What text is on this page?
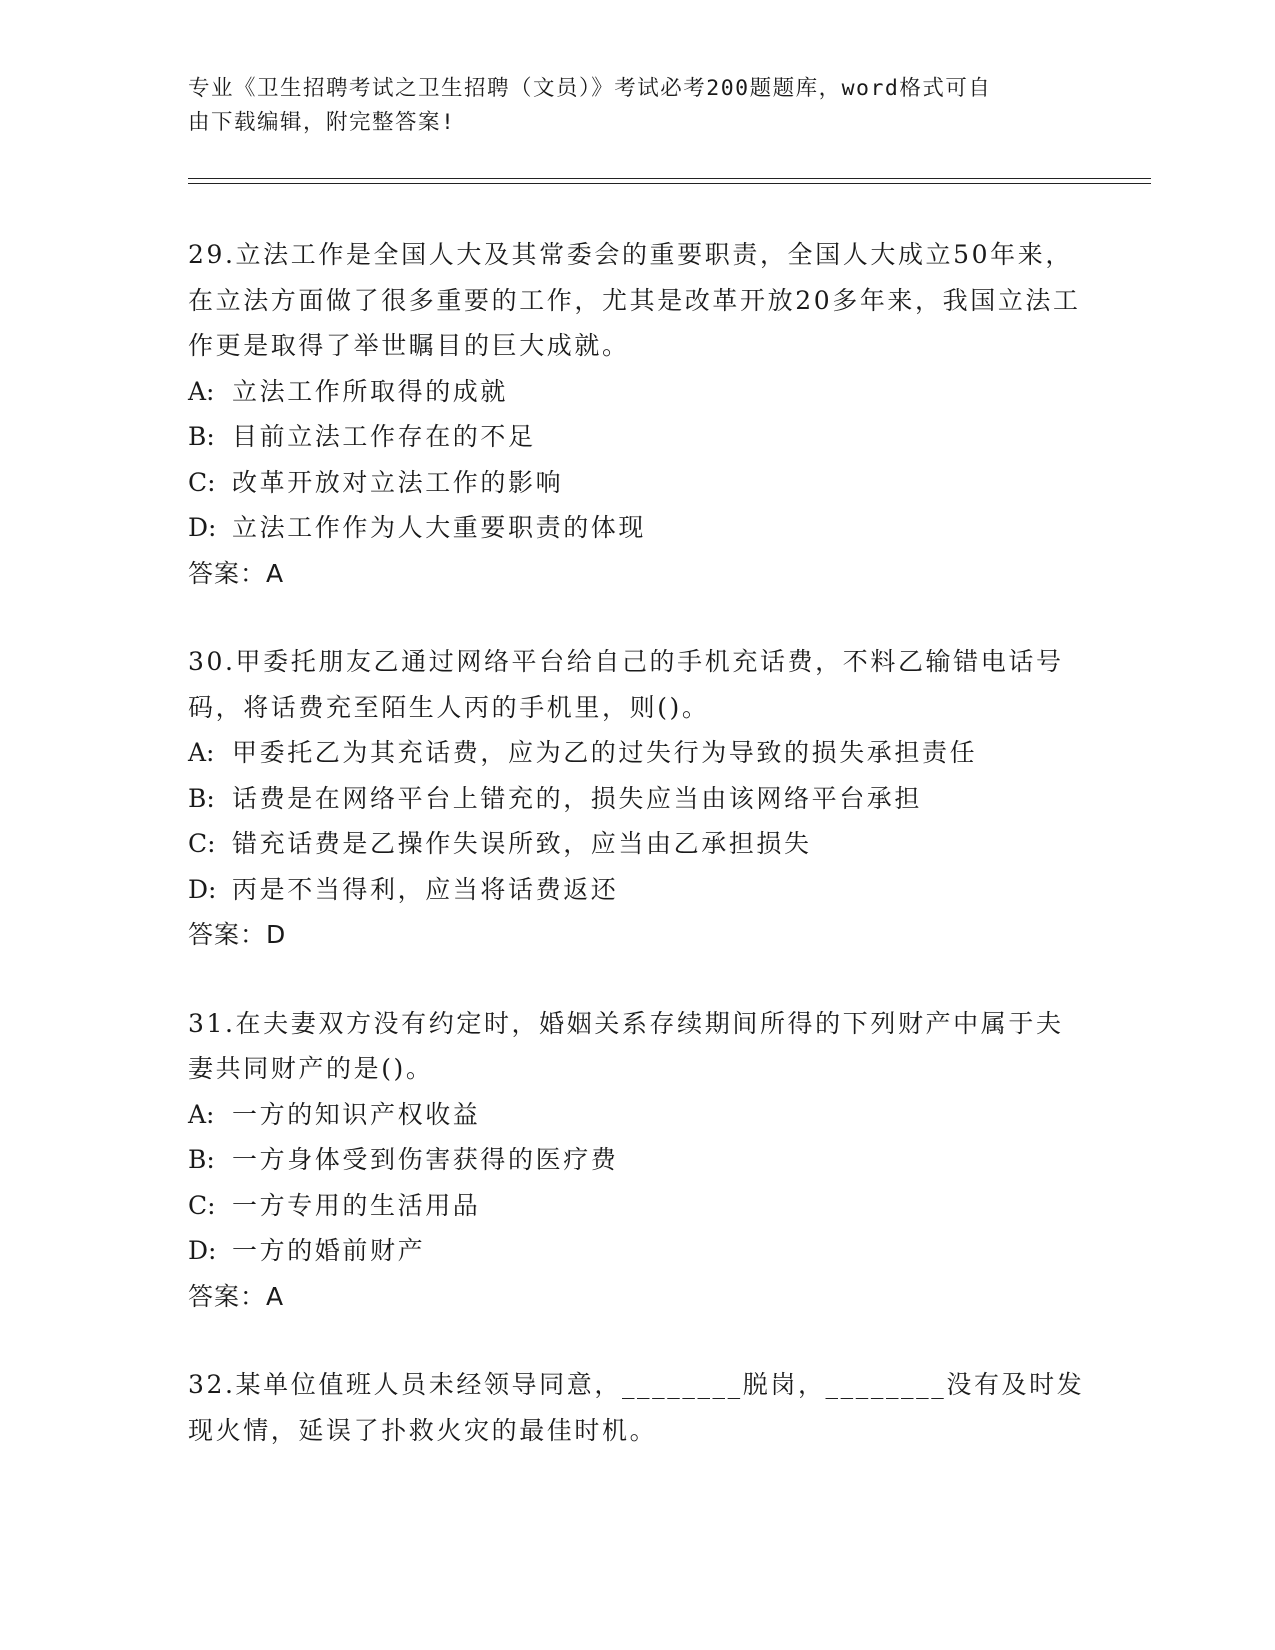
专业《卫生招聘考试之卫生招聘（文员）》考试必考200题题库，word格式可自
由下载编辑，附完整答案!

29.立法工作是全国人大及其常委会的重要职责，全国人大成立50年来，在立法方面做了很多重要的工作，尤其是改革开放20多年来，我国立法工作更是取得了举世瞩目的巨大成就。

A: 立法工作所取得的成就

B: 目前立法工作存在的不足

C: 改革开放对立法工作的影响

D: 立法工作作为人大重要职责的体现

答案：A

30.甲委托朋友乙通过网络平台给自己的手机充话费，不料乙输错电话号码，将话费充至陌生人丙的手机里，则()。

A: 甲委托乙为其充话费，应为乙的过失行为导致的损失承担责任

B: 话费是在网络平台上错充的，损失应当由该网络平台承担

C: 错充话费是乙操作失误所致，应当由乙承担损失

D: 丙是不当得利，应当将话费返还

答案：D

31.在夫妻双方没有约定时，婚姻关系存续期间所得的下列财产中属于夫妻共同财产的是()。

A: 一方的知识产权收益

B: 一方身体受到伤害获得的医疗费

C: 一方专用的生活用品

D: 一方的婚前财产

答案：A

32.某单位值班人员未经领导同意，________脱岗，________没有及时发现火情，延误了扑救火灾的最佳时机。
